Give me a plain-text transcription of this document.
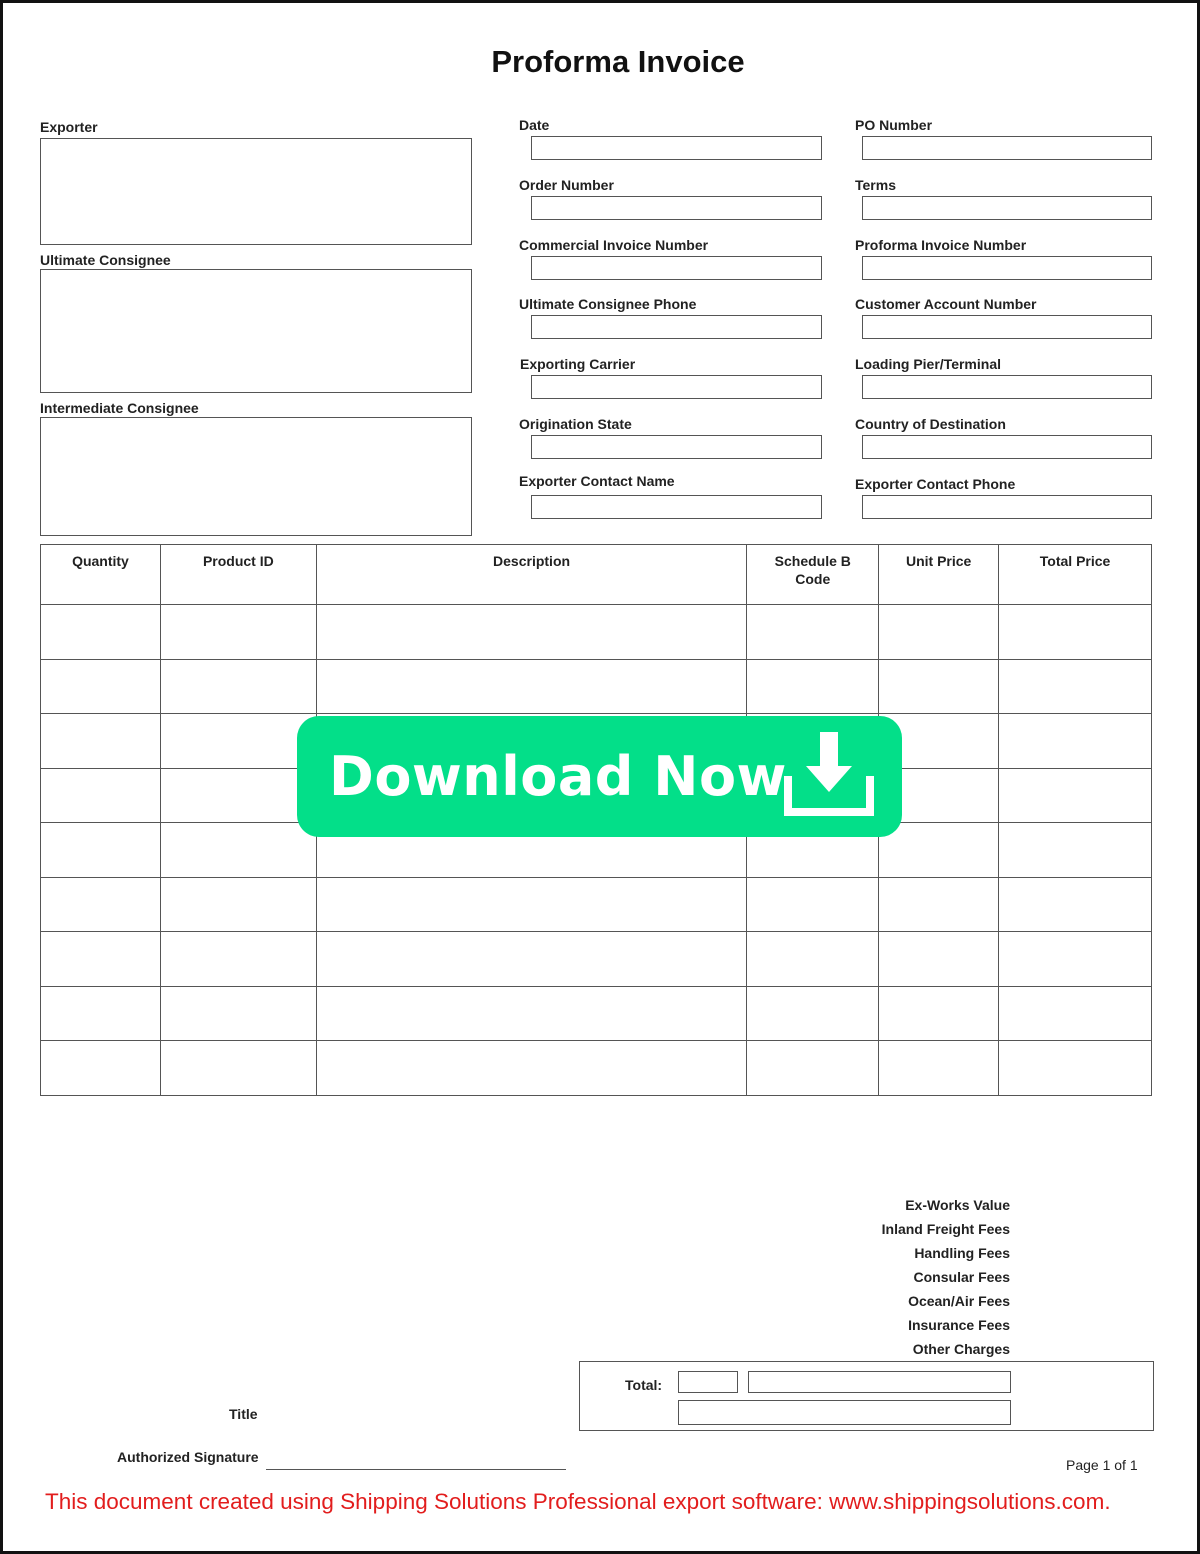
Proforma Invoice
Exporter
Ultimate Consignee
Intermediate Consignee
Date
Order Number
Commercial Invoice Number
Ultimate Consignee Phone
Exporting Carrier
Origination State
Exporter Contact Name
PO Number
Terms
Proforma Invoice Number
Customer Account Number
Loading Pier/Terminal
Country of Destination
Exporter Contact Phone
Quantity	Product ID	Description	Schedule B
Code	Unit Price	Total Price

Download Now
Ex-Works Value
Inland Freight Fees
Handling Fees
Consular Fees
Ocean/Air Fees
Insurance Fees
Other Charges
Total:
Title
Authorized Signature	Page 1 of 1
This document created using Shipping Solutions Professional export software: www.shippingsolutions.com.
